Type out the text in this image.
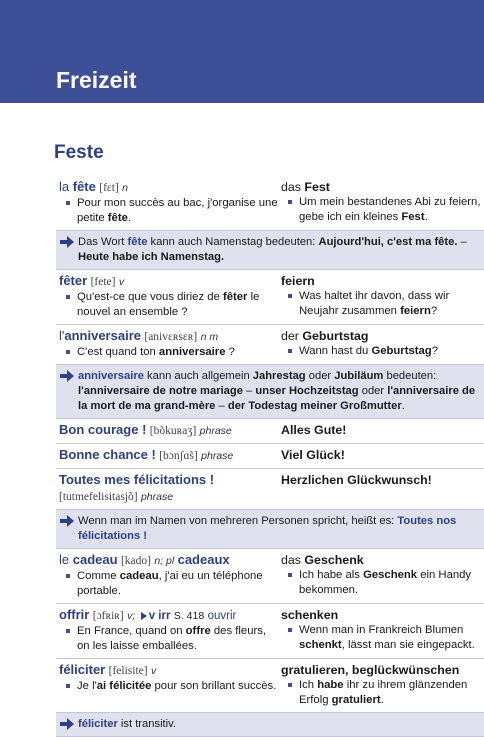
Freizeit
Feste
la fête [fɛt] n
Pour mon succès au bac, j'organise une petite fête.
das Fest
Um mein bestandenes Abi zu feiern, gebe ich ein kleines Fest.
Das Wort fête kann auch Namenstag bedeuten: Aujourd'hui, c'est ma fête. – Heute habe ich Namenstag.
fêter [fete] v
Qu'est-ce que vous diriez de fêter le nouvel an ensemble ?
feiern
Was haltet ihr davon, dass wir Neujahr zusammen feiern?
l'anniversaire [anivɛʀsɛʀ] n m
C'est quand ton anniversaire ?
der Geburtstag
Wann hast du Geburtstag?
anniversaire kann auch allgemein Jahrestag oder Jubiläum bedeuten: l'anniversaire de notre mariage – unser Hochzeitstag oder l'anniversaire de la mort de ma grand-mère – der Todestag meiner Großmutter.
Bon courage ! [bõkuʀaʒ] phrase	Alles Gute!
Bonne chance ! [bɔnʃɑ̃s] phrase	Viel Glück!
Toutes mes félicitations !
[tutmefelisitasjõ] phrase
Herzlichen Glückwunsch!
Wenn man im Namen von mehreren Personen spricht, heißt es: Toutes nos félicitations !
le cadeau [kado] n; pl cadeaux
Comme cadeau, j'ai eu un téléphone portable.
das Geschenk
Ich habe als Geschenk ein Handy bekommen.
offrir [ɔfʀiʀ] v; v irr S. 418 ouvrir
En France, quand on offre des fleurs, on les laisse emballées.
schenken
Wenn man in Frankreich Blumen schenkt, lässt man sie eingepackt.
féliciter [felisite] v
Je l'ai félicitée pour son brillant succès.
gratulieren, beglückwünschen
Ich habe ihr zu ihrem glänzenden Erfolg gratuliert.
féliciter ist transitiv.
